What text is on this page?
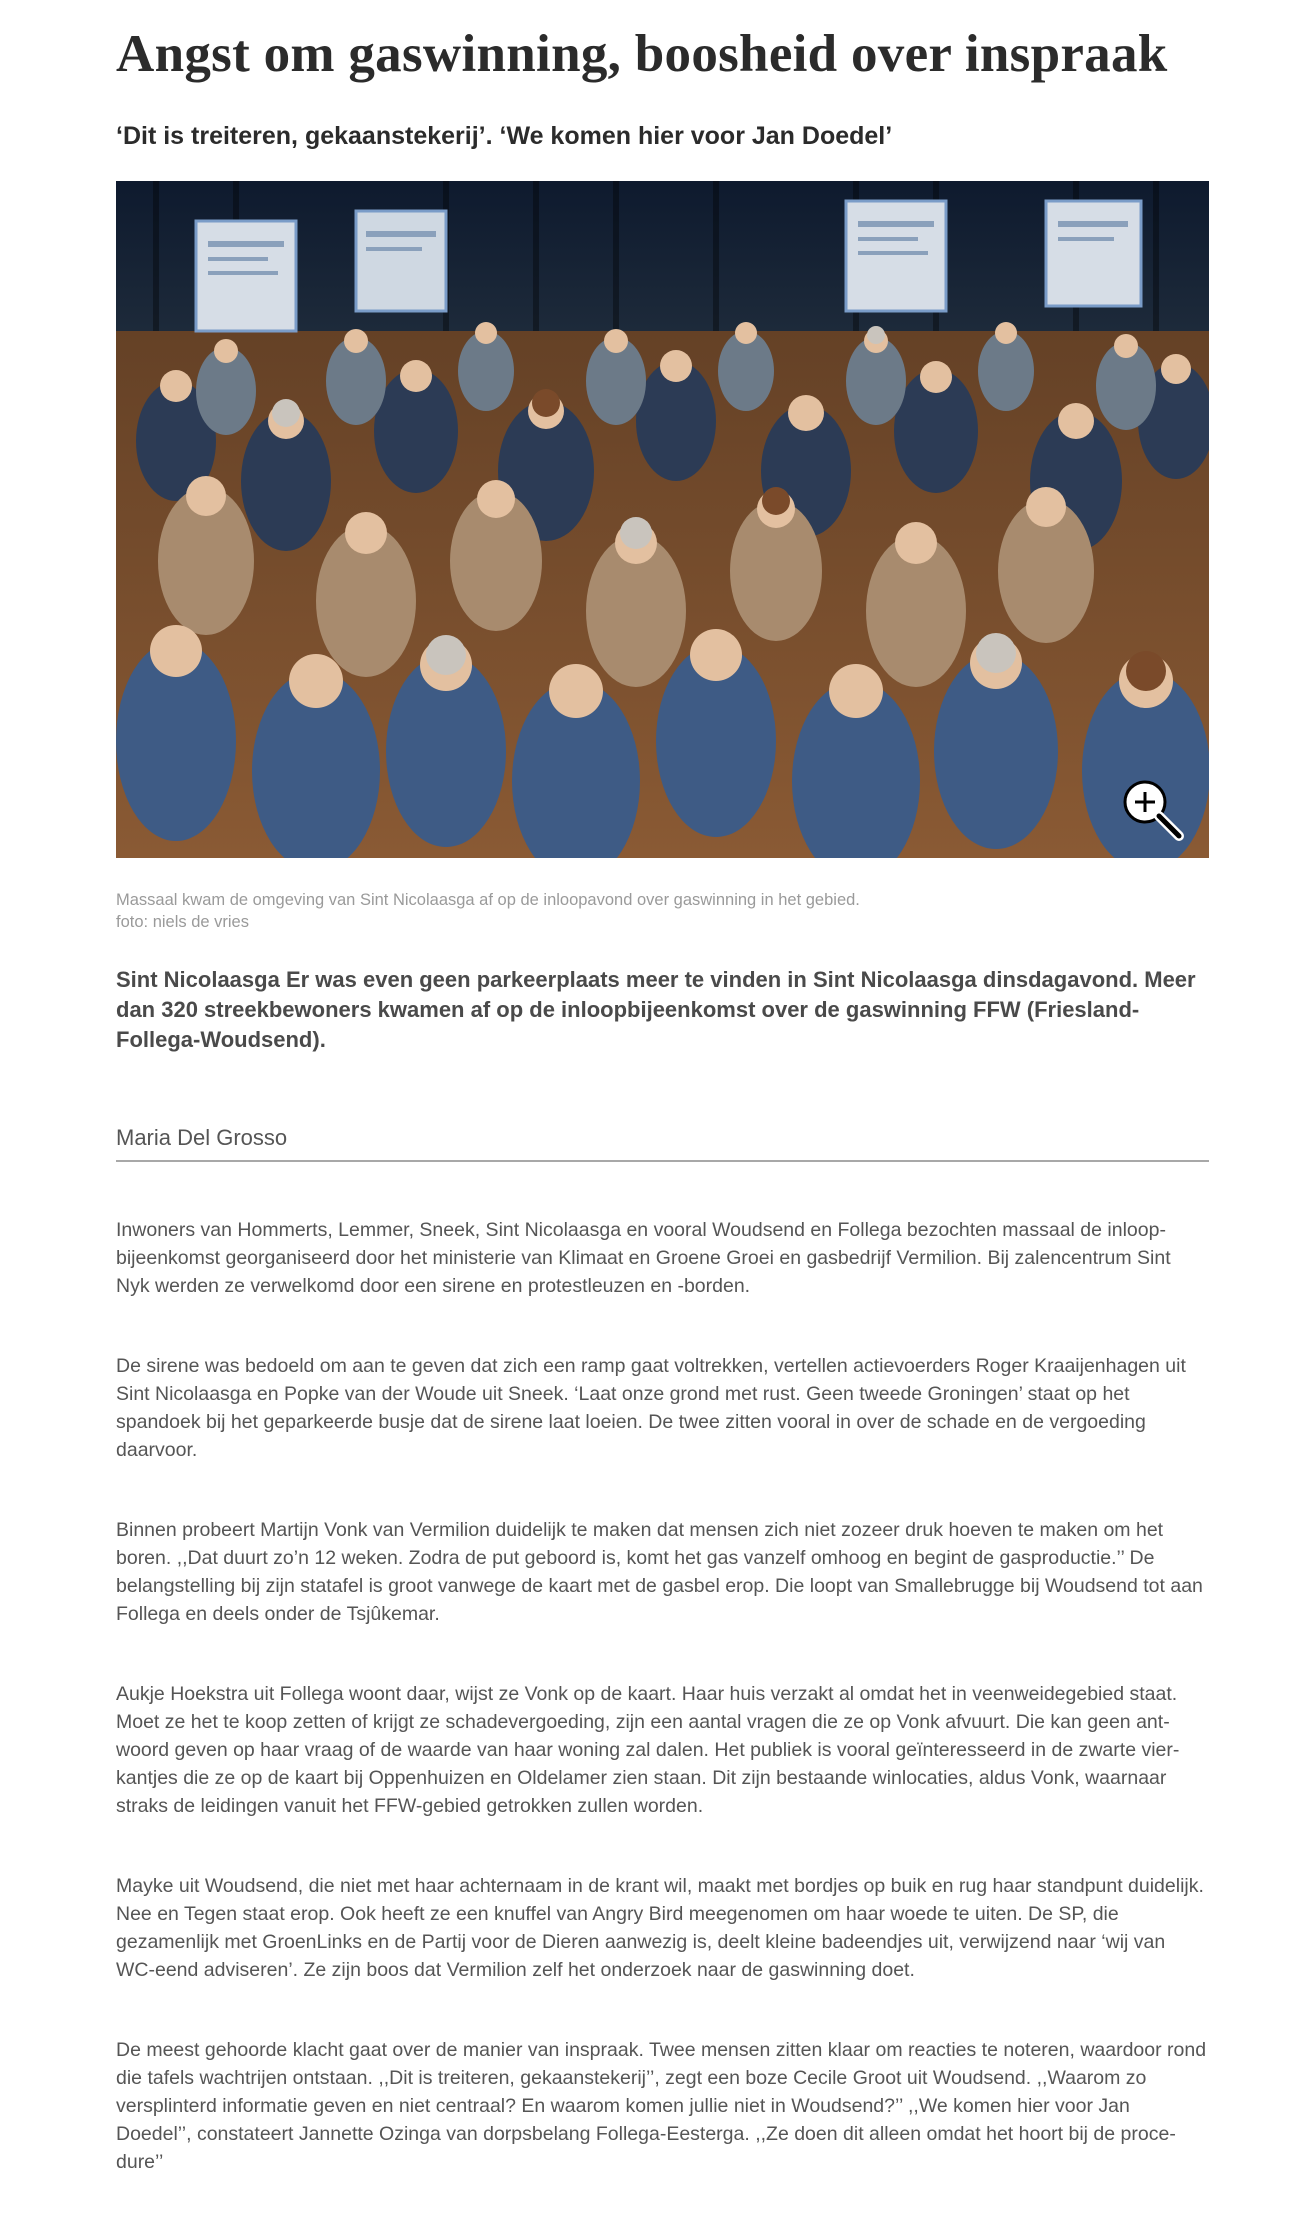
Angst om gaswinning, boosheid over inspraak
‘Dit is treiteren, gekaanstekerij’. ‘We komen hier voor Jan Doedel’
Massaal kwam de omgeving van Sint Nicolaasga af op de inloopavond over gaswinning in het gebied.
foto: niels de vries
Sint Nicolaasga Er was even geen parkeerplaats meer te vinden in Sint Nicolaasga dinsdagavond. Meer dan 320 streekbewoners kwamen af op de inloopbijeenkomst over de gaswinning FFW (Friesland-Follega-Woudsend).
Maria Del Grosso

Inwoners van Hommerts, Lemmer, Sneek, Sint Nicolaasga en vooral Woudsend en Follega bezochten massaal de inloopbijeenkomst georganiseerd door het ministerie van Klimaat en Groene Groei en gasbedrijf Vermilion. Bij zalencentrum Sint Nyk werden ze verwelkomd door een sirene en protestleuzen en -borden.

De sirene was bedoeld om aan te geven dat zich een ramp gaat voltrekken, vertellen actievoerders Roger Kraaijenhagen uit Sint Nicolaasga en Popke van der Woude uit Sneek. ‘Laat onze grond met rust. Geen tweede Groningen’ staat op het spandoek bij het geparkeerde busje dat de sirene laat loeien. De twee zitten vooral in over de schade en de vergoeding daarvoor.

Binnen probeert Martijn Vonk van Vermilion duidelijk te maken dat mensen zich niet zozeer druk hoeven te maken om het boren. ,,Dat duurt zo’n 12 weken. Zodra de put geboord is, komt het gas vanzelf omhoog en begint de gasproductie.’’ De belangstelling bij zijn statafel is groot vanwege de kaart met de gasbel erop. Die loopt van Smallebrugge bij Woudsend tot aan Follega en deels onder de Tsjûkemar.

Aukje Hoekstra uit Follega woont daar, wijst ze Vonk op de kaart. Haar huis verzakt al omdat het in veenweidegebied staat. Moet ze het te koop zetten of krijgt ze schadevergoeding, zijn een aantal vragen die ze op Vonk afvuurt. Die kan geen antwoord geven op haar vraag of de waarde van haar woning zal dalen. Het publiek is vooral geïnteresseerd in de zwarte vierkantjes die ze op de kaart bij Oppenhuizen en Oldelamer zien staan. Dit zijn bestaande winlocaties, aldus Vonk, waarnaar straks de leidingen vanuit het FFW-gebied getrokken zullen worden.

Mayke uit Woudsend, die niet met haar achternaam in de krant wil, maakt met bordjes op buik en rug haar standpunt duidelijk. Nee en Tegen staat erop. Ook heeft ze een knuffel van Angry Bird meegenomen om haar woede te uiten. De SP, die gezamenlijk met GroenLinks en de Partij voor de Dieren aanwezig is, deelt kleine badeendjes uit, verwijzend naar ‘wij van WC-eend adviseren’. Ze zijn boos dat Vermilion zelf het onderzoek naar de gaswinning doet.

De meest gehoorde klacht gaat over de manier van inspraak. Twee mensen zitten klaar om reacties te noteren, waardoor rond die tafels wachtrijen ontstaan. ,,Dit is treiteren, gekaanstekerij’’, zegt een boze Cecile Groot uit Woudsend. ,,Waarom zo versplinterd informatie geven en niet centraal? En waarom komen jullie niet in Woudsend?’’ ,,We komen hier voor Jan Doedel’’, constateert Jannette Ozinga van dorpsbelang Follega-Eesterga. ,,Ze doen dit alleen omdat het hoort bij de procedure’’
